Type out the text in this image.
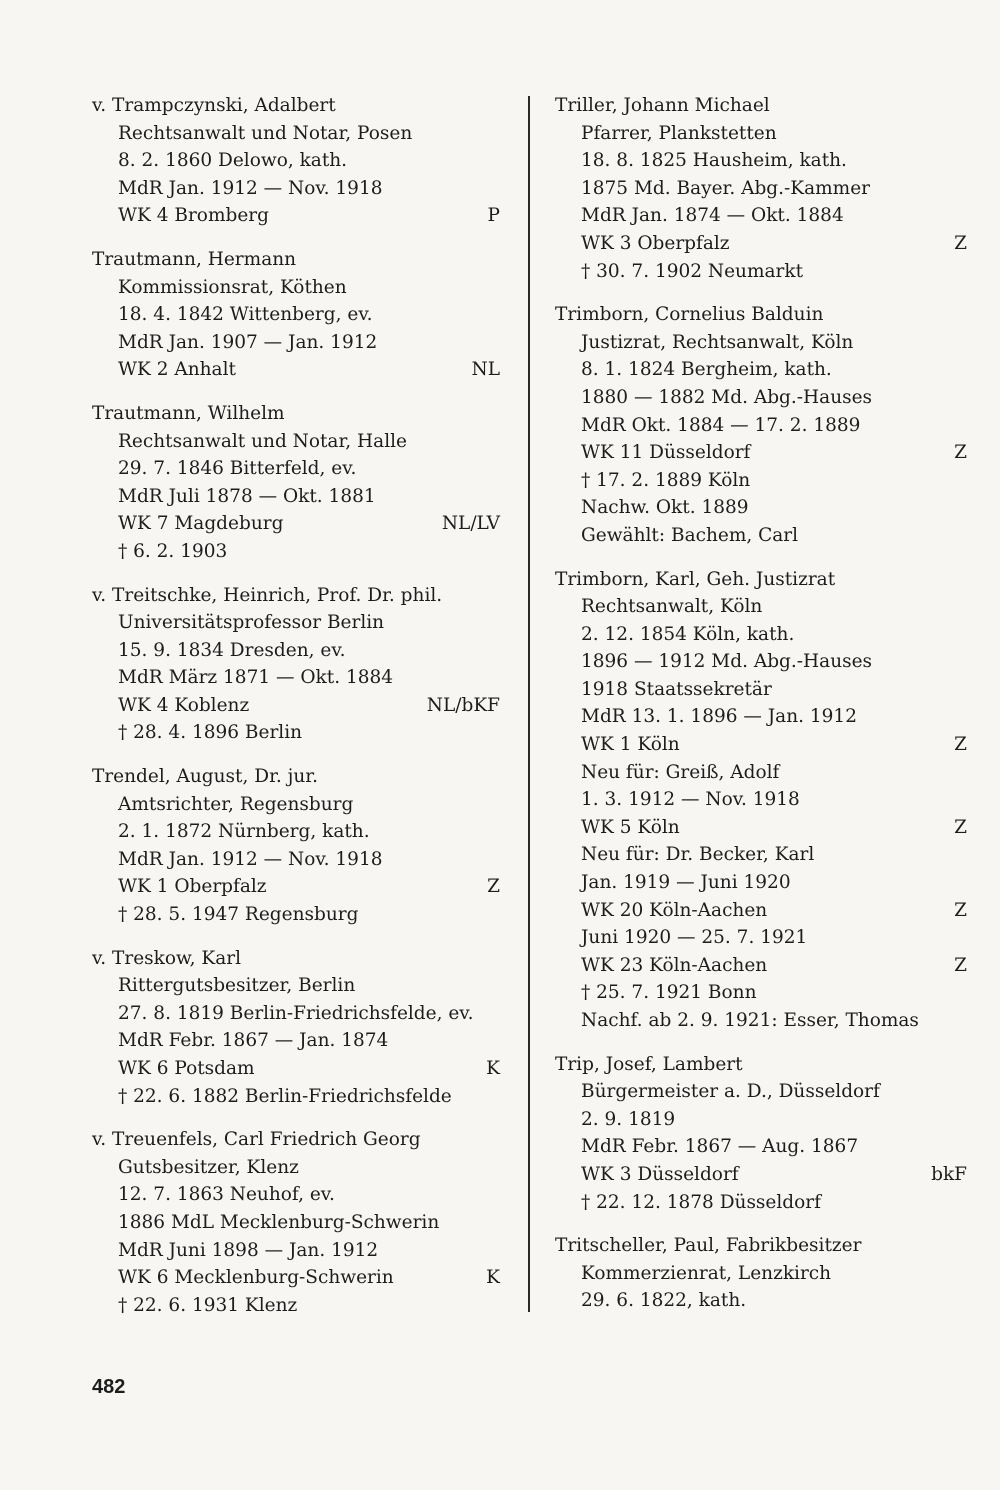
v. Trampczynski, Adalbert
Rechtsanwalt und Notar, Posen
8. 2. 1860 Delowo, kath.
MdR Jan. 1912 — Nov. 1918
WK 4 Bromberg	P
Trautmann, Hermann
Kommissionsrat, Köthen
18. 4. 1842 Wittenberg, ev.
MdR Jan. 1907 — Jan. 1912
WK 2 Anhalt	NL
Trautmann, Wilhelm
Rechtsanwalt und Notar, Halle
29. 7. 1846 Bitterfeld, ev.
MdR Juli 1878 — Okt. 1881
WK 7 Magdeburg	NL/LV
† 6. 2. 1903
v. Treitschke, Heinrich, Prof. Dr. phil.
Universitätsprofessor Berlin
15. 9. 1834 Dresden, ev.
MdR März 1871 — Okt. 1884
WK 4 Koblenz	NL/bKF
† 28. 4. 1896 Berlin
Trendel, August, Dr. jur.
Amtsrichter, Regensburg
2. 1. 1872 Nürnberg, kath.
MdR Jan. 1912 — Nov. 1918
WK 1 Oberpfalz	Z
† 28. 5. 1947 Regensburg
v. Treskow, Karl
Rittergutsbesitzer, Berlin
27. 8. 1819 Berlin-Friedrichsfelde, ev.
MdR Febr. 1867 — Jan. 1874
WK 6 Potsdam	K
† 22. 6. 1882 Berlin-Friedrichsfelde
v. Treuenfels, Carl Friedrich Georg
Gutsbesitzer, Klenz
12. 7. 1863 Neuhof, ev.
1886 MdL Mecklenburg-Schwerin
MdR Juni 1898 — Jan. 1912
WK 6 Mecklenburg-Schwerin	K
† 22. 6. 1931 Klenz
Triller, Johann Michael
Pfarrer, Plankstetten
18. 8. 1825 Hausheim, kath.
1875 Md. Bayer. Abg.-Kammer
MdR Jan. 1874 — Okt. 1884
WK 3 Oberpfalz	Z
† 30. 7. 1902 Neumarkt
Trimborn, Cornelius Balduin
Justizrat, Rechtsanwalt, Köln
8. 1. 1824 Bergheim, kath.
1880 — 1882 Md. Abg.-Hauses
MdR Okt. 1884 — 17. 2. 1889
WK 11 Düsseldorf	Z
† 17. 2. 1889 Köln
Nachw. Okt. 1889
Gewählt: Bachem, Carl
Trimborn, Karl, Geh. Justizrat
Rechtsanwalt, Köln
2. 12. 1854 Köln, kath.
1896 — 1912 Md. Abg.-Hauses
1918 Staatssekretär
MdR 13. 1. 1896 — Jan. 1912
WK 1 Köln	Z
Neu für: Greiß, Adolf
1. 3. 1912 — Nov. 1918
WK 5 Köln	Z
Neu für: Dr. Becker, Karl
Jan. 1919 — Juni 1920
WK 20 Köln-Aachen	Z
Juni 1920 — 25. 7. 1921
WK 23 Köln-Aachen	Z
† 25. 7. 1921 Bonn
Nachf. ab 2. 9. 1921: Esser, Thomas
Trip, Josef, Lambert
Bürgermeister a. D., Düsseldorf
2. 9. 1819
MdR Febr. 1867 — Aug. 1867
WK 3 Düsseldorf	bkF
† 22. 12. 1878 Düsseldorf
Tritscheller, Paul, Fabrikbesitzer
Kommerzienrat, Lenzkirch
29. 6. 1822, kath.
482
